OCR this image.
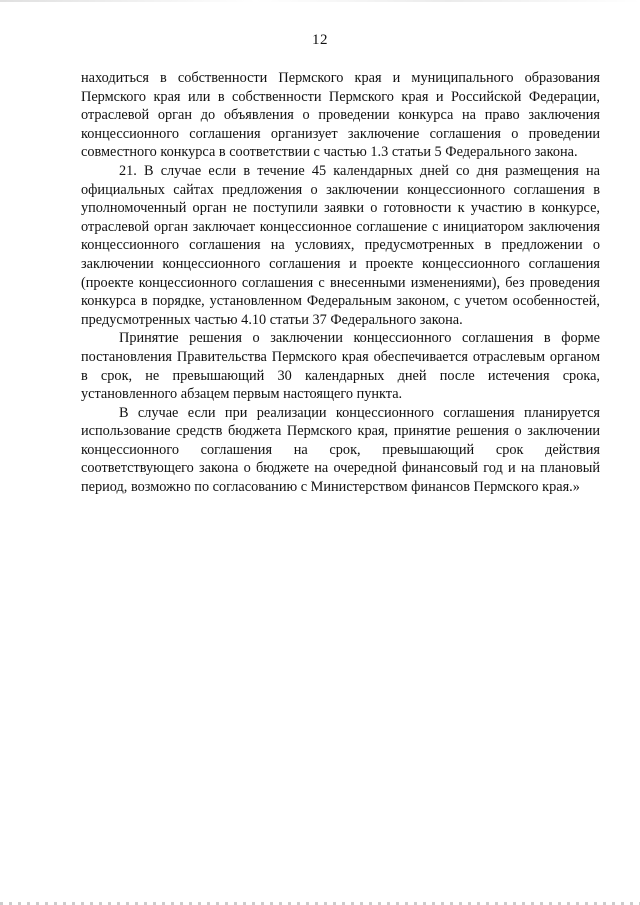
12

находиться в собственности Пермского края и муниципального образования Пермского края или в собственности Пермского края и Российской Федерации, отраслевой орган до объявления о проведении конкурса на право заключения концессионного соглашения организует заключение соглашения о проведении совместного конкурса в соответствии с частью 1.3 статьи 5 Федерального закона.

21. В случае если в течение 45 календарных дней со дня размещения на официальных сайтах предложения о заключении концессионного соглашения в уполномоченный орган не поступили заявки о готовности к участию в конкурсе, отраслевой орган заключает концессионное соглашение с инициатором заключения концессионного соглашения на условиях, предусмотренных в предложении о заключении концессионного соглашения и проекте концессионного соглашения (проекте концессионного соглашения с внесенными изменениями), без проведения конкурса в порядке, установленном Федеральным законом, с учетом особенностей, предусмотренных частью 4.10 статьи 37 Федерального закона.

Принятие решения о заключении концессионного соглашения в форме постановления Правительства Пермского края обеспечивается отраслевым органом в срок, не превышающий 30 календарных дней после истечения срока, установленного абзацем первым настоящего пункта.

В случае если при реализации концессионного соглашения планируется использование средств бюджета Пермского края, принятие решения о заключении концессионного соглашения на срок, превышающий срок действия соответствующего закона о бюджете на очередной финансовый год и на плановый период, возможно по согласованию с Министерством финансов Пермского края.»
